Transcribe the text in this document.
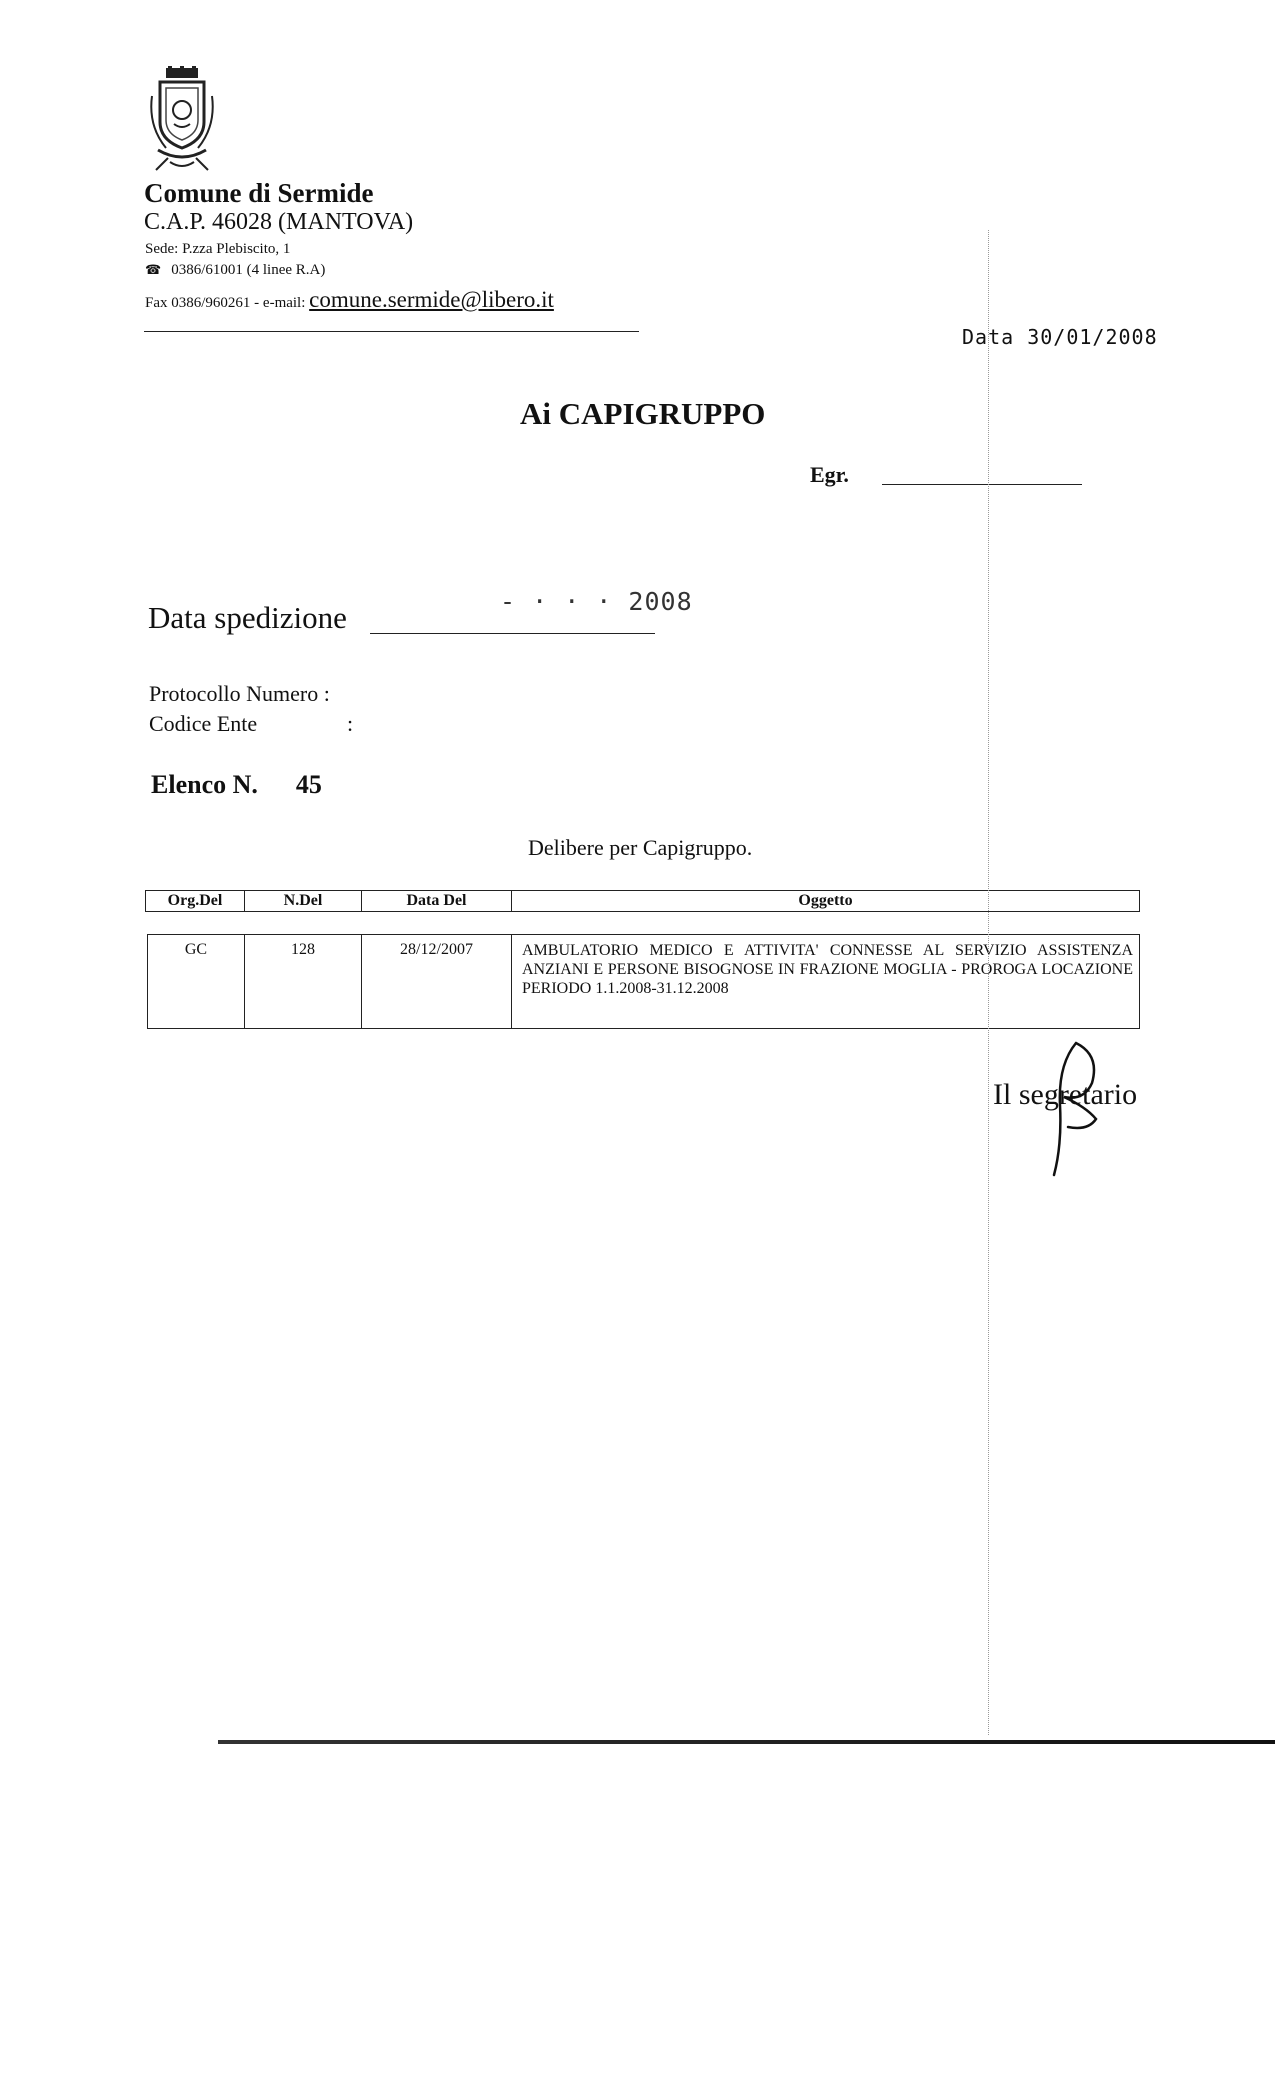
Comune di Sermide
C.A.P. 46028 (MANTOVA)
Sede: P.zza Plebiscito, 1
☎ 0386/61001 (4 linee R.A)
Fax 0386/960261 - e-mail: comune.sermide@libero.it
Data 30/01/2008
Ai CAPIGRUPPO
Egr.
Data spedizione	- · · · 2008
Protocollo Numero :
Codice Ente	:
Elenco N. 45
Delibere per Capigruppo.
Org.Del	N.Del	Data Del	Oggetto
GC	128	28/12/2007	AMBULATORIO MEDICO E ATTIVITA' CONNESSE AL SERVIZIO ASSISTENZA ANZIANI E PERSONE BISOGNOSE IN FRAZIONE MOGLIA - PROROGA LOCAZIONE PERIODO 1.1.2008-31.12.2008
Il segretario
